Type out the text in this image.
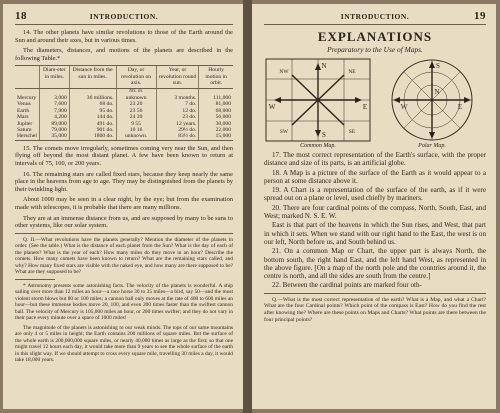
18	INTRODUCTION.

14. The other planets have similar revolutions to those of the Earth around the Sun and around their axes, but in various times.

The diameters, distances, and motions of the planets are described in the following Table.*

	Diam-eter in miles.	Distance from the sun in miles.	Day, or revolution on axis.	Year, or revolution round sun.	Hourly motion in orbit.
			hrs. m.		
Mercury	3,000	36 millions.	unknown	3 months.	111,000
Venus	7,600	68 do.	23 20	7 do.	81,000
Earth	7,900	95 do.	23 56	12 do.	68,000
Mars	4,200	144 do.	24 39	23 do.	56,000
Jupiter	89,000	491 do.	9 55	12 years.	30,000
Saturn	79,000	901 do.	10 16	29½ do.	22,000
Herschel	35,000	1800 do.	unknown.	83½ do.	15,000

15. The comets move irregularly, sometimes coming very near the Sun, and then flying off beyond the most distant planet. A few have been known to return at intervals of 75, 100, or 200 years.

16. The remaining stars are called fixed stars, because they keep nearly the same place in the heavens from age to age. They may be distinguished from the planets by their twinkling light.

About 1000 may be seen in a clear night, by the eye; but from the examination made with telescopes, it is probable that there are many millions.

They are at an immense distance from us, and are supposed by many to be suns to other systems, like our solar system.

Q. II.—What revolutions have the planets generally? Mention the diameter of the planets in order. (See the table.) What is the distance of each planet from the Sun? What is the day of each of the planets? What is the year of each? How many miles do they move in an hour? Describe the comets. How many comets have been known to return? What are the remaining stars called, and why? How many fixed stars are visible with the naked eye, and how many are there supposed to be? What are they supposed to be?

* Astronomy presents some astonishing facts. The velocity of the planets is wonderful. A ship sailing over more than 12 miles an hour—a race horse 30 to 35 miles—a bird, say 50—and the most violent storm blows but 80 or 100 miles; a cannon ball only moves at the rate of 400 to 600 miles an hour—but these immense bodies move 20, 100, and even 200 times faster than the swiftest cannon ball. The velocity of Mercury is 105,000 miles an hour, or 200 times swifter; and they do not vary in their pace every minute over a space of 1000 miles!

The magnitude of the planets is astonishing to our weak minds. The tops of our same mountains are only 4 or 5 miles in height; the Earth contains 200 millions of square miles. But the surface of the whole earth is 200,000,000 square miles, or nearly 40,000 times as large as the first; so that one might travel 12 hours each day, it would take more than 9 years to see the whole surface of the earth in this slight way. If we should attempt to cross every square mile, travelling 30 miles a day, it would take 18,000 years.

INTRODUCTION.	19
EXPLANATIONS
Preparatory to the Use of Maps.
N
S
E
W
NE
NW
SE
SW
Common Map.
N
S
E
W
Polar Map.

17. The most correct representation of the Earth's surface, with the proper distance and size of its parts, is an artificial globe.

18. A Map is a picture of the surface of the Earth as it would appear to a person at some distance above it.

19. A Chart is a representation of the surface of the earth, as if it were spread out on a plane or level, used chiefly by mariners.

20. There are four cardinal points of the compass, North, South, East, and West; marked N. S. E. W.

East is that part of the heavens in which the Sun rises, and West, that part in which it sets. When we stand with our right hand to the East, the west is on our left, North before us, and South behind us.

21. On a common Map or Chart, the upper part is always North, the bottom south, the right hand East, and the left hand West, as represented in the above figure. [On a map of the north pole and the countries around it, the centre is north, and all the sides are south from the centre.]

22. Between the cardinal points are marked four oth-

Q.—What is the most correct representation of the earth? What is a Map, and what a Chart? What are the four Cardinal points? Which point of the compass is East? How do you find the rest after knowing the? Where are these points on Maps and Charts? What points are there between the four principal points?
